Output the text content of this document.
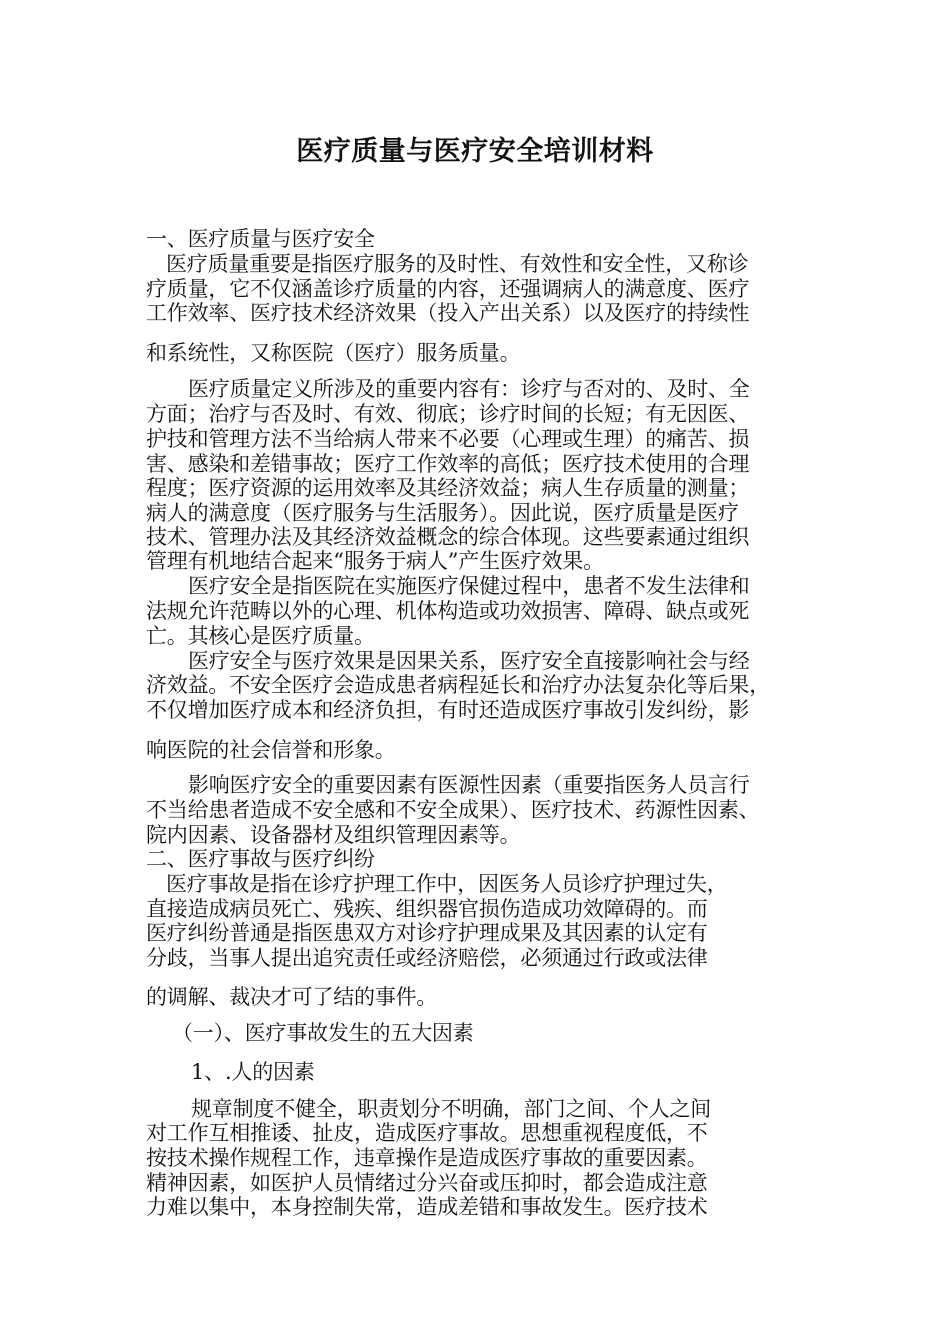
医疗质量与医疗安全培训材料
一、医疗质量与医疗安全
医疗质量重要是指医疗服务的及时性、有效性和安全性，又称诊
疗质量，它不仅涵盖诊疗质量的内容，还强调病人的满意度、医疗
工作效率、医疗技术经济效果（投入产出关系）以及医疗的持续性
和系统性，又称医院（医疗）服务质量。
医疗质量定义所涉及的重要内容有：诊疗与否对的、及时、全
方面；治疗与否及时、有效、彻底；诊疗时间的长短；有无因医、
护技和管理方法不当给病人带来不必要（心理或生理）的痛苦、损
害、感染和差错事故；医疗工作效率的高低；医疗技术使用的合理
程度；医疗资源的运用效率及其经济效益；病人生存质量的测量；
病人的满意度（医疗服务与生活服务）。因此说，医疗质量是医疗
技术、管理办法及其经济效益概念的综合体现。这些要素通过组织
管理有机地结合起来“服务于病人”产生医疗效果。
医疗安全是指医院在实施医疗保健过程中，患者不发生法律和
法规允许范畴以外的心理、机体构造或功效损害、障碍、缺点或死
亡。其核心是医疗质量。
医疗安全与医疗效果是因果关系，医疗安全直接影响社会与经
济效益。不安全医疗会造成患者病程延长和治疗办法复杂化等后果，
不仅增加医疗成本和经济负担，有时还造成医疗事故引发纠纷，影
响医院的社会信誉和形象。
影响医疗安全的重要因素有医源性因素（重要指医务人员言行
不当给患者造成不安全感和不安全成果）、医疗技术、药源性因素、
院内因素、设备器材及组织管理因素等。
二、医疗事故与医疗纠纷
医疗事故是指在诊疗护理工作中，因医务人员诊疗护理过失，
直接造成病员死亡、残疾、组织器官损伤造成功效障碍的。而
医疗纠纷普通是指医患双方对诊疗护理成果及其因素的认定有
分歧，当事人提出追究责任或经济赔偿，必须通过行政或法律
的调解、裁决才可了结的事件。
（一）、医疗事故发生的五大因素
1、.人的因素
规章制度不健全，职责划分不明确，部门之间、个人之间
对工作互相推诿、扯皮，造成医疗事故。思想重视程度低，不
按技术操作规程工作，违章操作是造成医疗事故的重要因素。
精神因素，如医护人员情绪过分兴奋或压抑时，都会造成注意
力难以集中，本身控制失常，造成差错和事故发生。医疗技术
